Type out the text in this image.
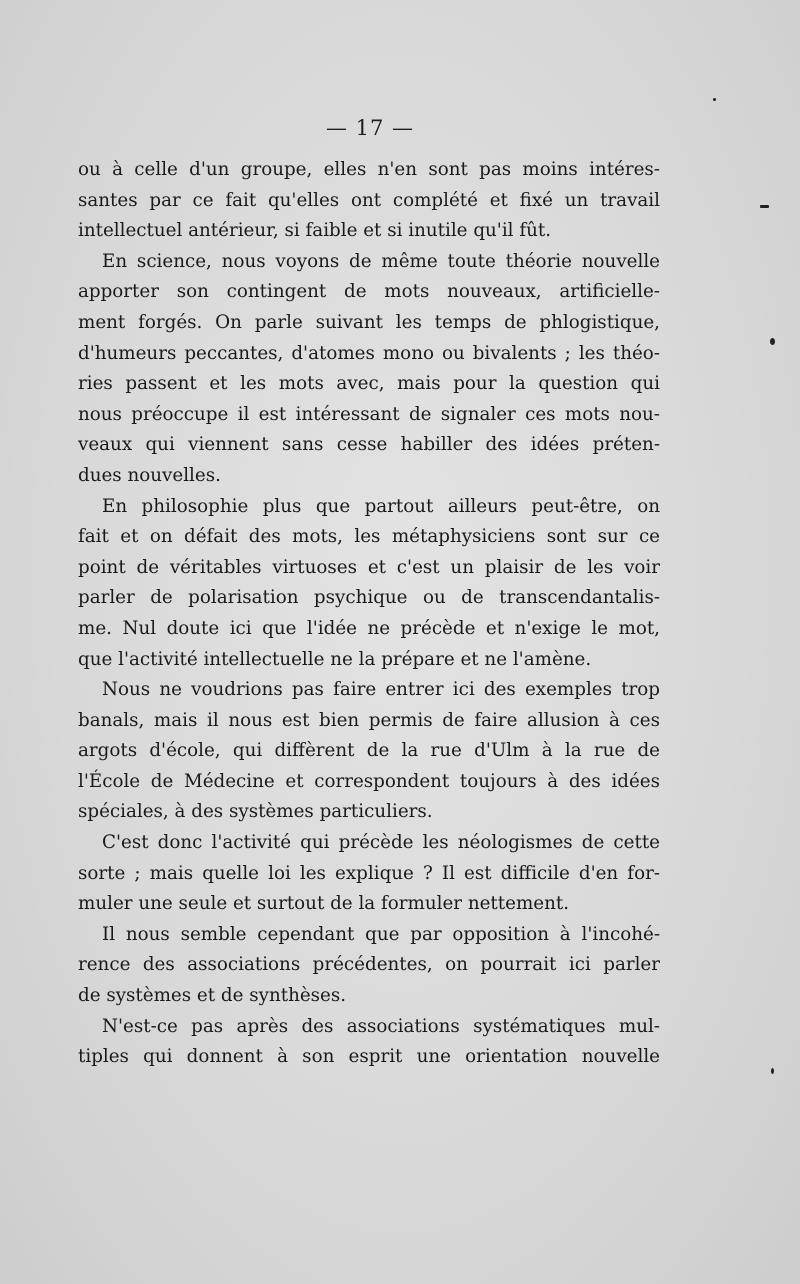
— 17 —
ou à celle d'un groupe, elles n'en sont pas moins intéres-
santes par ce fait qu'elles ont complété et fixé un travail
intellectuel antérieur, si faible et si inutile qu'il fût.
En science, nous voyons de même toute théorie nouvelle
apporter son contingent de mots nouveaux, artificielle-
ment forgés. On parle suivant les temps de phlogistique,
d'humeurs peccantes, d'atomes mono ou bivalents ; les théo-
ries passent et les mots avec, mais pour la question qui
nous préoccupe il est intéressant de signaler ces mots nou-
veaux qui viennent sans cesse habiller des idées préten-
dues nouvelles.
En philosophie plus que partout ailleurs peut-être, on
fait et on défait des mots, les métaphysiciens sont sur ce
point de véritables virtuoses et c'est un plaisir de les voir
parler de polarisation psychique ou de transcendantalis-
me. Nul doute ici que l'idée ne précède et n'exige le mot,
que l'activité intellectuelle ne la prépare et ne l'amène.
Nous ne voudrions pas faire entrer ici des exemples trop
banals, mais il nous est bien permis de faire allusion à ces
argots d'école, qui diffèrent de la rue d'Ulm à la rue de
l'École de Médecine et correspondent toujours à des idées
spéciales, à des systèmes particuliers.
C'est donc l'activité qui précède les néologismes de cette
sorte ; mais quelle loi les explique ? Il est difficile d'en for-
muler une seule et surtout de la formuler nettement.
Il nous semble cependant que par opposition à l'incohé-
rence des associations précédentes, on pourrait ici parler
de systèmes et de synthèses.
N'est-ce pas après des associations systématiques mul-
tiples qui donnent à son esprit une orientation nouvelle
